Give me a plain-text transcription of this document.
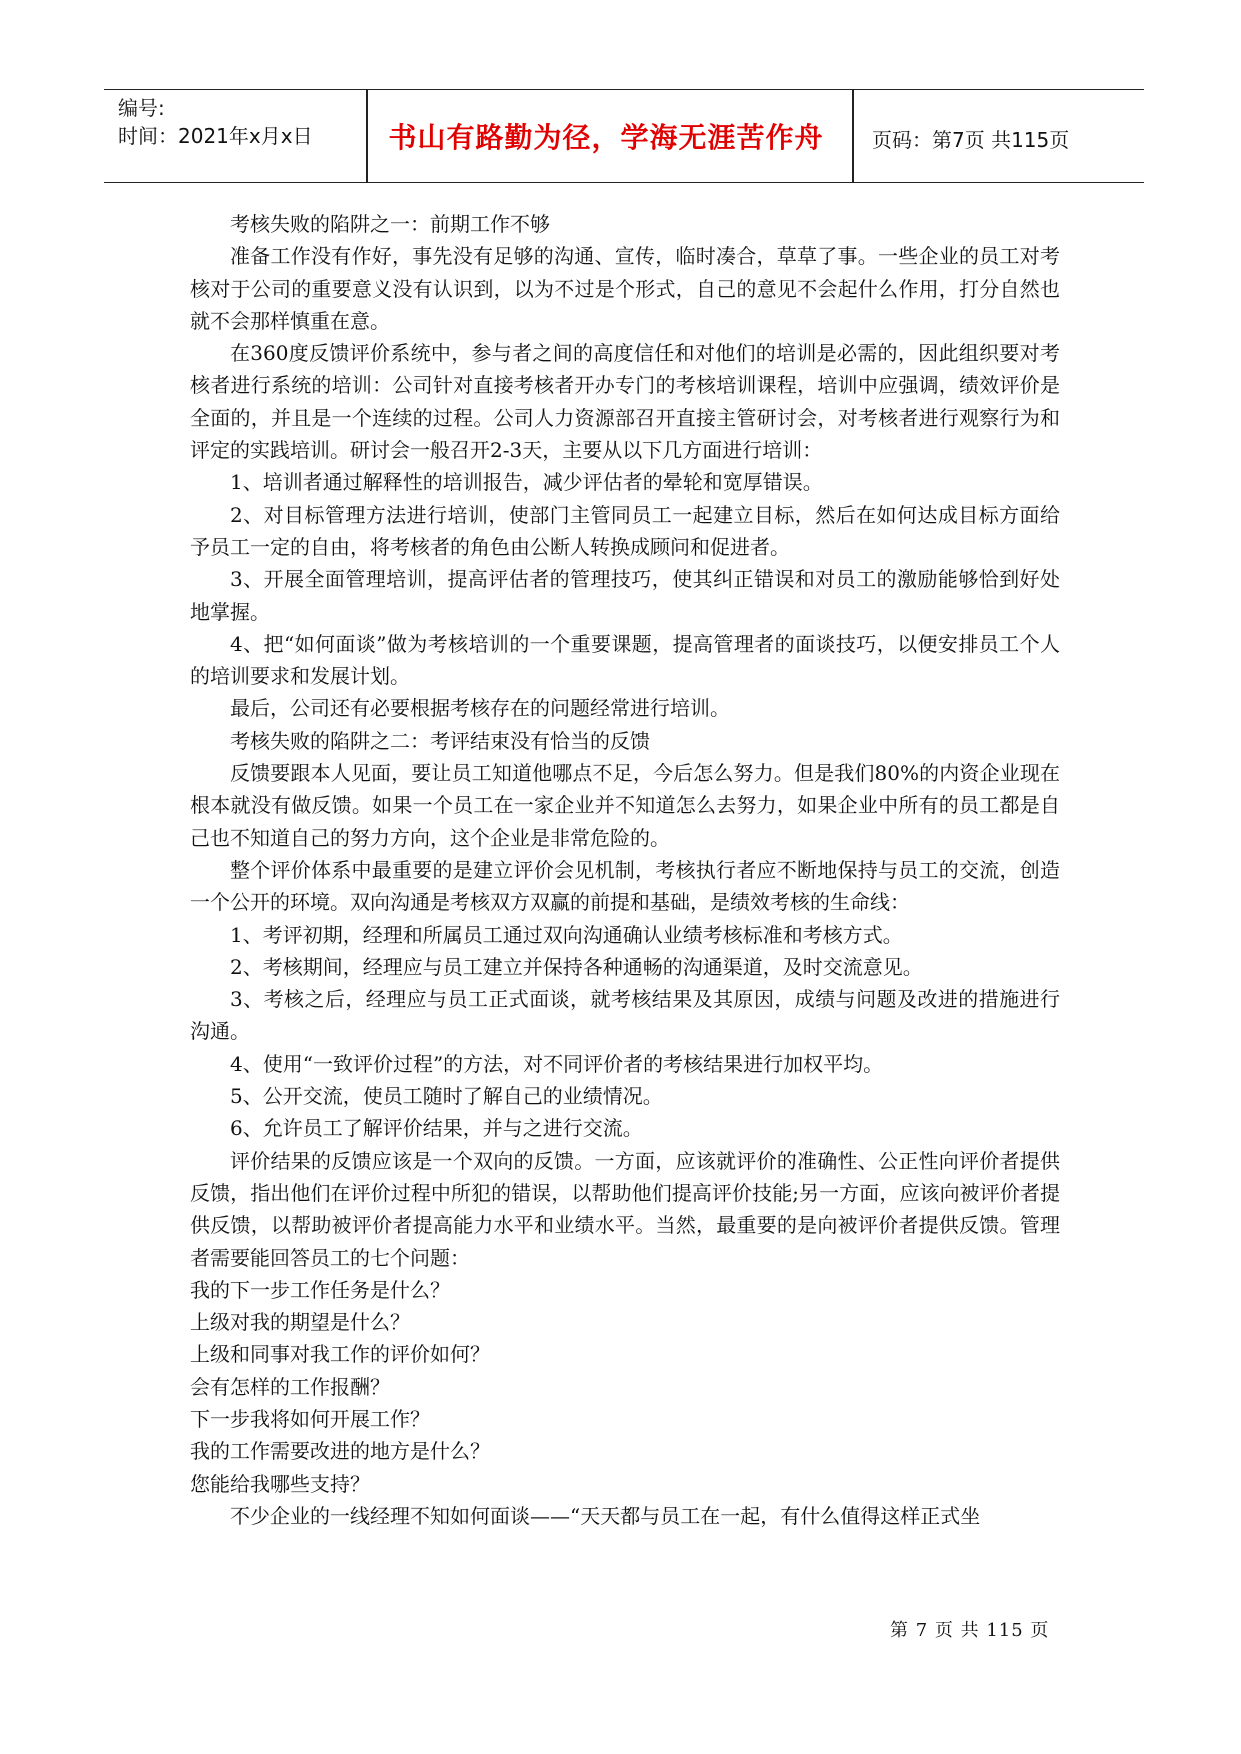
编号:
时间：2021年x月x日	书山有路勤为径，学海无涯苦作舟	页码：第7页 共115页

考核失败的陷阱之一：前期工作不够

准备工作没有作好，事先没有足够的沟通、宣传，临时凑合，草草了事。一些企业的员工对考核对于公司的重要意义没有认识到，以为不过是个形式，自己的意见不会起什么作用，打分自然也就不会那样慎重在意。

在360度反馈评价系统中，参与者之间的高度信任和对他们的培训是必需的，因此组织要对考核者进行系统的培训：公司针对直接考核者开办专门的考核培训课程，培训中应强调，绩效评价是全面的，并且是一个连续的过程。公司人力资源部召开直接主管研讨会，对考核者进行观察行为和评定的实践培训。研讨会一般召开2-3天，主要从以下几方面进行培训：

1、培训者通过解释性的培训报告，减少评估者的晕轮和宽厚错误。

2、对目标管理方法进行培训，使部门主管同员工一起建立目标，然后在如何达成目标方面给予员工一定的自由，将考核者的角色由公断人转换成顾问和促进者。

3、开展全面管理培训，提高评估者的管理技巧，使其纠正错误和对员工的激励能够恰到好处地掌握。

4、把“如何面谈”做为考核培训的一个重要课题，提高管理者的面谈技巧，以便安排员工个人的培训要求和发展计划。

最后，公司还有必要根据考核存在的问题经常进行培训。

考核失败的陷阱之二：考评结束没有恰当的反馈

反馈要跟本人见面，要让员工知道他哪点不足，今后怎么努力。但是我们80%的内资企业现在根本就没有做反馈。如果一个员工在一家企业并不知道怎么去努力，如果企业中所有的员工都是自己也不知道自己的努力方向，这个企业是非常危险的。

整个评价体系中最重要的是建立评价会见机制，考核执行者应不断地保持与员工的交流，创造一个公开的环境。双向沟通是考核双方双赢的前提和基础，是绩效考核的生命线：

1、考评初期，经理和所属员工通过双向沟通确认业绩考核标准和考核方式。

2、考核期间，经理应与员工建立并保持各种通畅的沟通渠道，及时交流意见。

3、考核之后，经理应与员工正式面谈，就考核结果及其原因，成绩与问题及改进的措施进行沟通。

4、使用“一致评价过程”的方法，对不同评价者的考核结果进行加权平均。

5、公开交流，使员工随时了解自己的业绩情况。

6、允许员工了解评价结果，并与之进行交流。

评价结果的反馈应该是一个双向的反馈。一方面，应该就评价的准确性、公正性向评价者提供反馈，指出他们在评价过程中所犯的错误，以帮助他们提高评价技能;另一方面，应该向被评价者提供反馈，以帮助被评价者提高能力水平和业绩水平。当然，最重要的是向被评价者提供反馈。管理者需要能回答员工的七个问题：

我的下一步工作任务是什么？

上级对我的期望是什么？

上级和同事对我工作的评价如何？

会有怎样的工作报酬？

下一步我将如何开展工作？

我的工作需要改进的地方是什么？

您能给我哪些支持？

不少企业的一线经理不知如何面谈——“天天都与员工在一起，有什么值得这样正式坐

第 7 页 共 115 页
